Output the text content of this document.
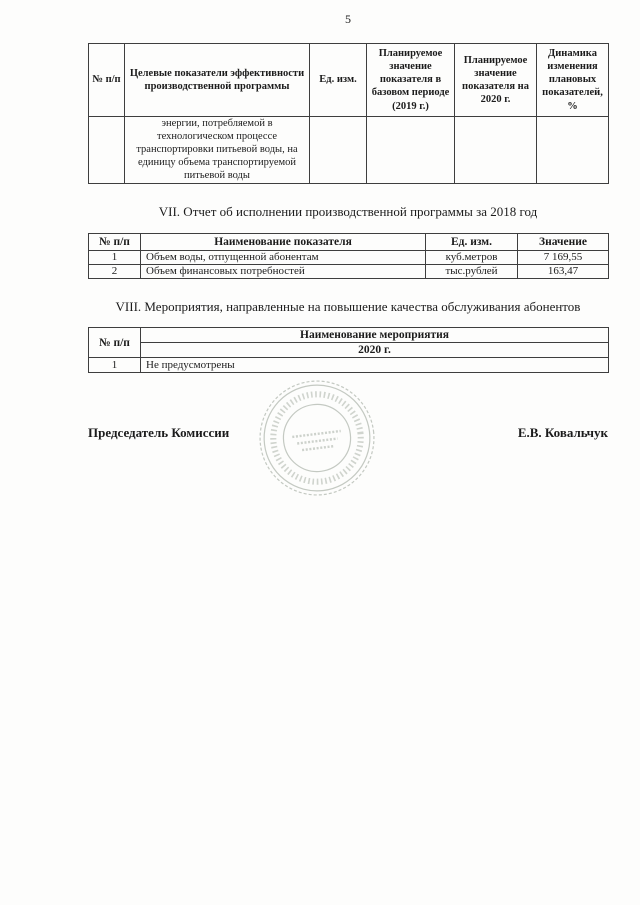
5
№ п/п	Целевые показатели эффективности производственной программы	Ед. изм.	Планируемое значение показателя в базовом периоде (2019 г.)	Планируемое значение показателя на 2020 г.	Динамика изменения плановых показателей, %
	энергии, потребляемой в технологическом процессе транспортировки питьевой воды, на единицу объема транспортируемой питьевой воды				
VII. Отчет об исполнении производственной программы за 2018 год
№ п/п	Наименование показателя	Ед. изм.	Значение
1	Объем воды, отпущенной абонентам	куб.метров	7 169,55
2	Объем финансовых потребностей	тыс.рублей	163,47
VIII. Мероприятия, направленные на повышение качества обслуживания абонентов
№ п/п	Наименование мероприятия
	2020 г.
1	Не предусмотрены
Председатель Комиссии	Е.В. Ковальчук
